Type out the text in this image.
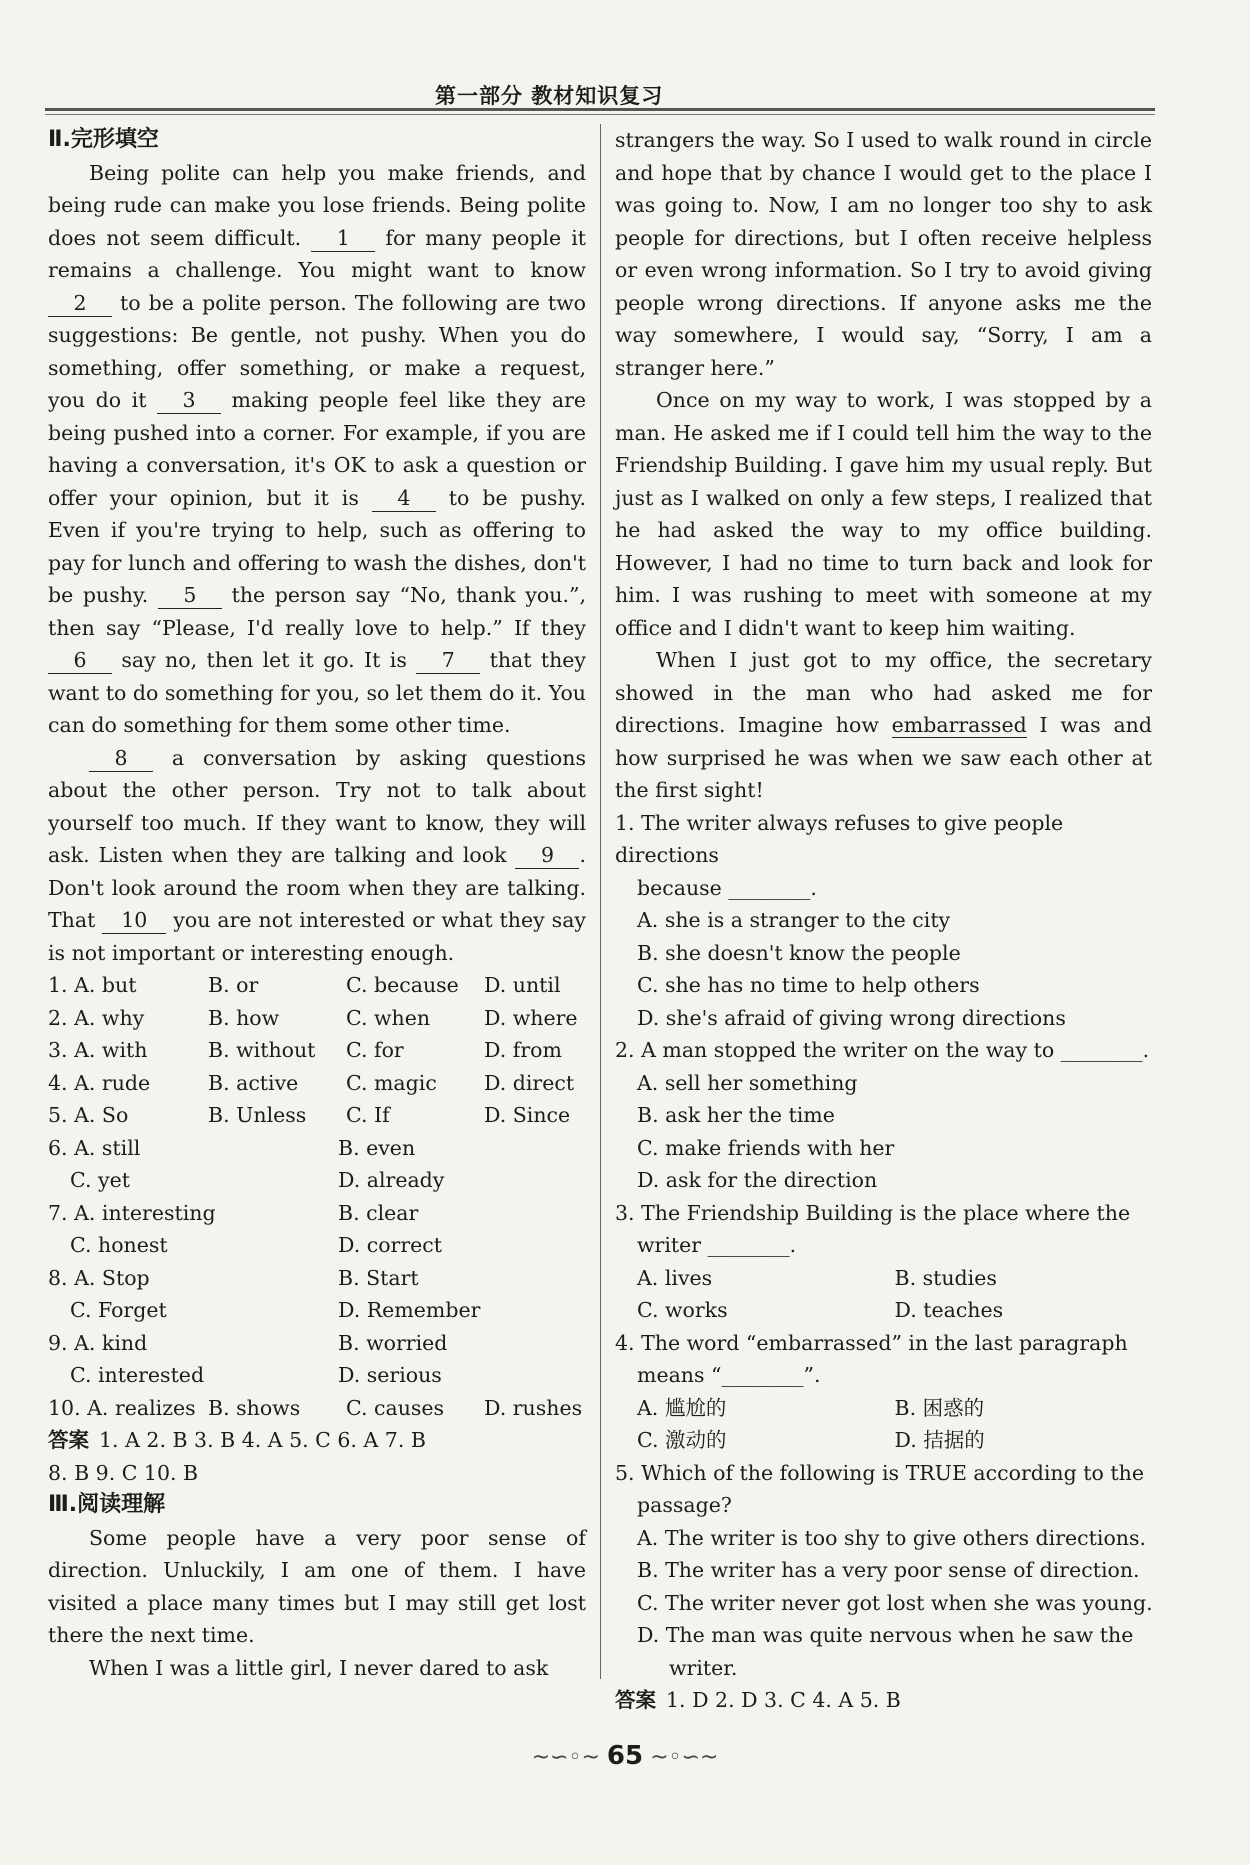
第一部分 教材知识复习
Ⅱ.完形填空

Being polite can help you make friends, and being rude can make you lose friends. Being polite does not seem difficult. 1 for many people it remains a challenge. You might want to know 2 to be a polite person. The following are two suggestions: Be gentle, not pushy. When you do something, offer something, or make a request, you do it 3 making people feel like they are being pushed into a corner. For example, if you are having a conversation, it's OK to ask a question or offer your opinion, but it is 4 to be pushy. Even if you're trying to help, such as offering to pay for lunch and offering to wash the dishes, don't be pushy. 5 the person say “No, thank you.”, then say “Please, I'd really love to help.” If they 6 say no, then let it go. It is 7 that they want to do something for you, so let them do it. You can do something for them some other time.

8 a conversation by asking questions about the other person. Try not to talk about yourself too much. If they want to know, they will ask. Listen when they are talking and look 9 . Don't look around the room when they are talking. That 10 you are not interested or what they say is not important or interesting enough.

1. A. but	B. or	C. because	D. until
2. A. why	B. how	C. when	D. where
3. A. with	B. without	C. for	D. from
4. A. rude	B. active	C. magic	D. direct
5. A. So	B. Unless	C. If	D. Since
6. A. still	B. even
C. yet	D. already
7. A. interesting	B. clear
C. honest	D. correct
8. A. Stop	B. Start
C. Forget	D. Remember
9. A. kind	B. worried
C. interested	D. serious
10. A. realizes B. shows	C. causes	D. rushes
答案 1. A 2. B 3. B 4. A 5. C 6. A 7. B
8. B 9. C 10. B
Ⅲ.阅读理解

Some people have a very poor sense of direction. Unluckily, I am one of them. I have visited a place many times but I may still get lost there the next time.

When I was a little girl, I never dared to ask

strangers the way. So I used to walk round in circle and hope that by chance I would get to the place I was going to. Now, I am no longer too shy to ask people for directions, but I often receive helpless or even wrong information. So I try to avoid giving people wrong directions. If anyone asks me the way somewhere, I would say, “Sorry, I am a stranger here.”

Once on my way to work, I was stopped by a man. He asked me if I could tell him the way to the Friendship Building. I gave him my usual reply. But just as I walked on only a few steps, I realized that he had asked the way to my office building. However, I had no time to turn back and look for him. I was rushing to meet with someone at my office and I didn't want to keep him waiting.

When I just got to my office, the secretary showed in the man who had asked me for directions. Imagine how embarrassed I was and how surprised he was when we saw each other at the first sight!

1. The writer always refuses to give people directions
because ________.
A. she is a stranger to the city
B. she doesn't know the people
C. she has no time to help others
D. she's afraid of giving wrong directions
2. A man stopped the writer on the way to ________.
A. sell her something
B. ask her the time
C. make friends with her
D. ask for the direction
3. The Friendship Building is the place where the
writer ________.
A. lives	B. studies
C. works	D. teaches
4. The word “embarrassed” in the last paragraph
means “________”.
A. 尴尬的	B. 困惑的
C. 激动的	D. 拮据的
5. Which of the following is TRUE according to the
passage?
A. The writer is too shy to give others directions.
B. The writer has a very poor sense of direction.
C. The writer never got lost when she was young.
D. The man was quite nervous when he saw the
writer.
答案 1. D 2. D 3. C 4. A 5. B
~∽◦~ 65 ~◦∽~
